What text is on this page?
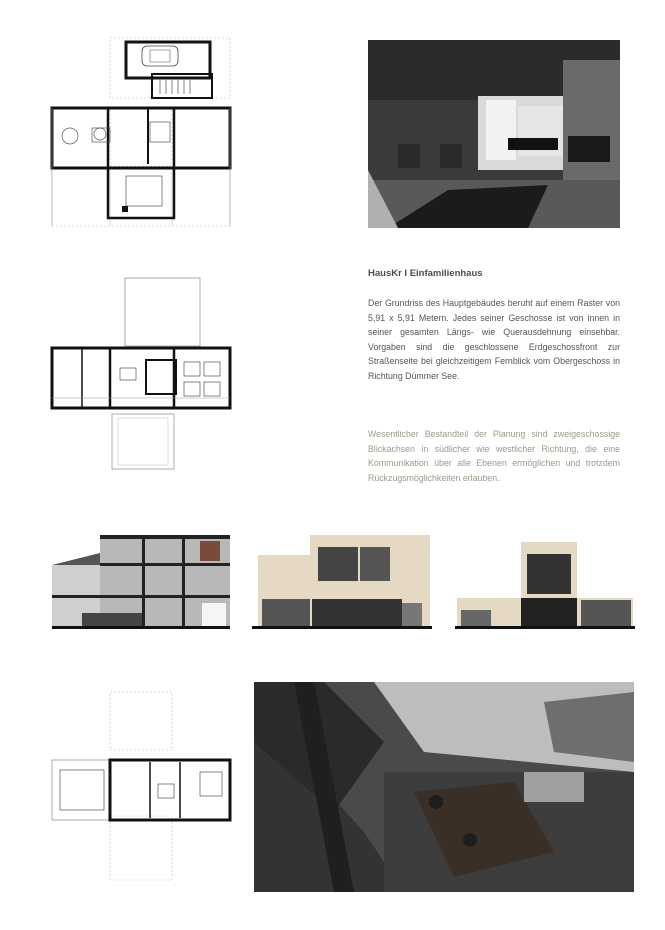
HausKr I Einfamilienhaus
Der Grundriss des Hauptgebäudes beruht auf einem Raster von 5,91 x 5,91 Metern. Jedes seiner Geschosse ist von innen in seiner gesamten Längs- wie Querausdehnung einsehbar. Vorgaben sind die geschlossene Erdgeschossfront zur Straßenseite bei gleichzeitigem Fernblick vom Obergeschoss in Richtung Dümmer See.
Wesentlicher Bestandteil der Planung sind zweigeschossige Blickachsen in südlicher wie westlicher Richtung, die eine Kommunikation über alle Ebenen ermöglichen und trotzdem Rückzugsmöglichkeiten erlauben.
